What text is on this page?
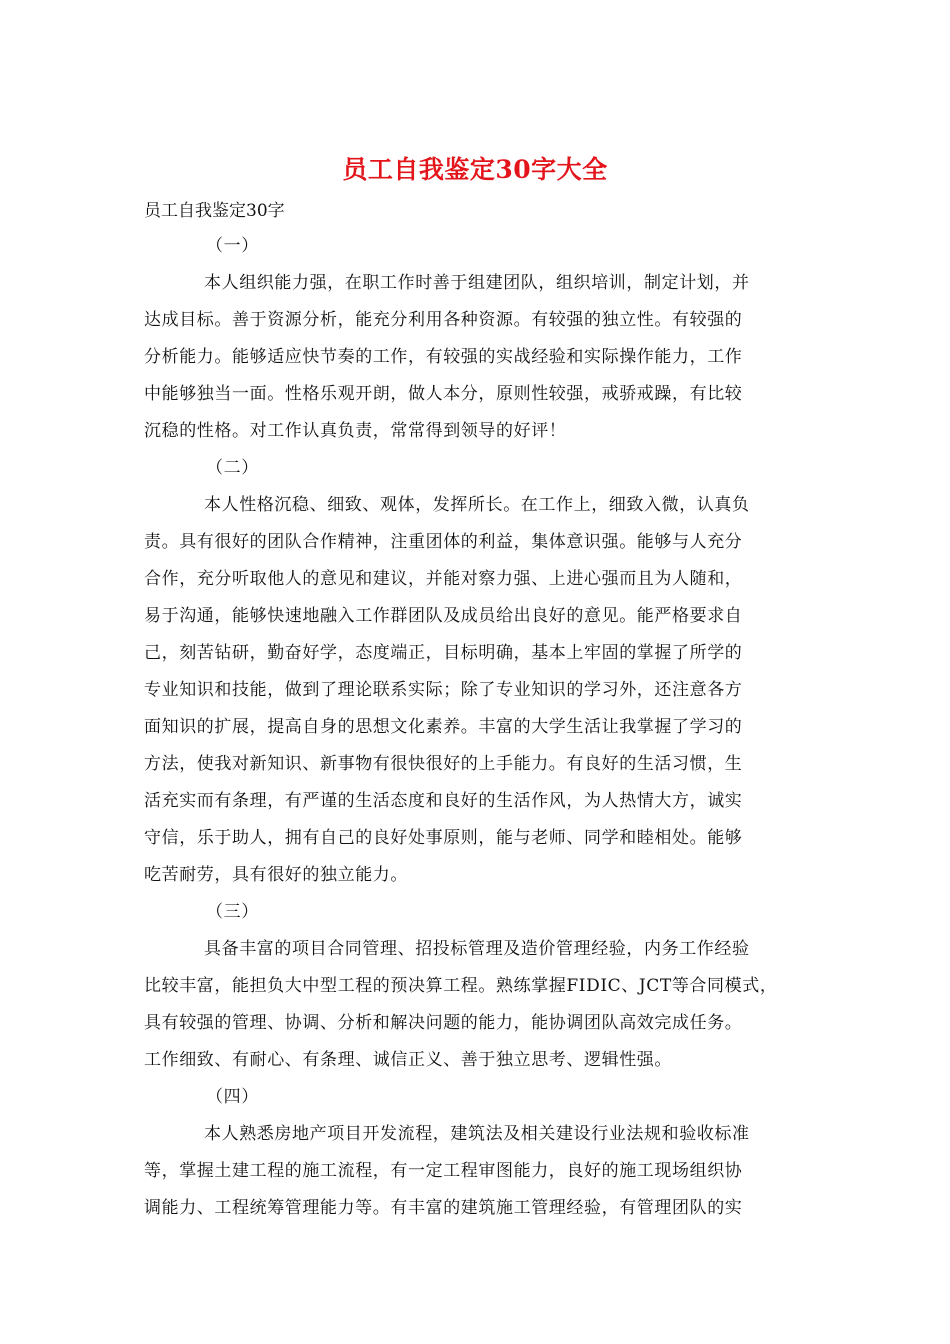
员工自我鉴定30字大全
员工自我鉴定30字
（一）
本人组织能力强，在职工作时善于组建团队，组织培训，制定计划，并
达成目标。善于资源分析，能充分利用各种资源。有较强的独立性。有较强的
分析能力。能够适应快节奏的工作，有较强的实战经验和实际操作能力，工作
中能够独当一面。性格乐观开朗，做人本分，原则性较强，戒骄戒躁，有比较
沉稳的性格。对工作认真负责，常常得到领导的好评！
（二）
本人性格沉稳、细致、观体，发挥所长。在工作上，细致入微，认真负
责。具有很好的团队合作精神，注重团体的利益，集体意识强。能够与人充分
合作，充分听取他人的意见和建议，并能对察力强、上进心强而且为人随和，
易于沟通，能够快速地融入工作群团队及成员给出良好的意见。能严格要求自
己，刻苦钻研，勤奋好学，态度端正，目标明确，基本上牢固的掌握了所学的
专业知识和技能，做到了理论联系实际；除了专业知识的学习外，还注意各方
面知识的扩展，提高自身的思想文化素养。丰富的大学生活让我掌握了学习的
方法，使我对新知识、新事物有很快很好的上手能力。有良好的生活习惯，生
活充实而有条理，有严谨的生活态度和良好的生活作风，为人热情大方，诚实
守信，乐于助人，拥有自己的良好处事原则，能与老师、同学和睦相处。能够
吃苦耐劳，具有很好的独立能力。
（三）
具备丰富的项目合同管理、招投标管理及造价管理经验，内务工作经验
比较丰富，能担负大中型工程的预决算工程。熟练掌握FIDIC、JCT等合同模式，
具有较强的管理、协调、分析和解决问题的能力，能协调团队高效完成任务。
工作细致、有耐心、有条理、诚信正义、善于独立思考、逻辑性强。
（四）
本人熟悉房地产项目开发流程，建筑法及相关建设行业法规和验收标准
等，掌握土建工程的施工流程，有一定工程审图能力，良好的施工现场组织协
调能力、工程统筹管理能力等。有丰富的建筑施工管理经验，有管理团队的实
